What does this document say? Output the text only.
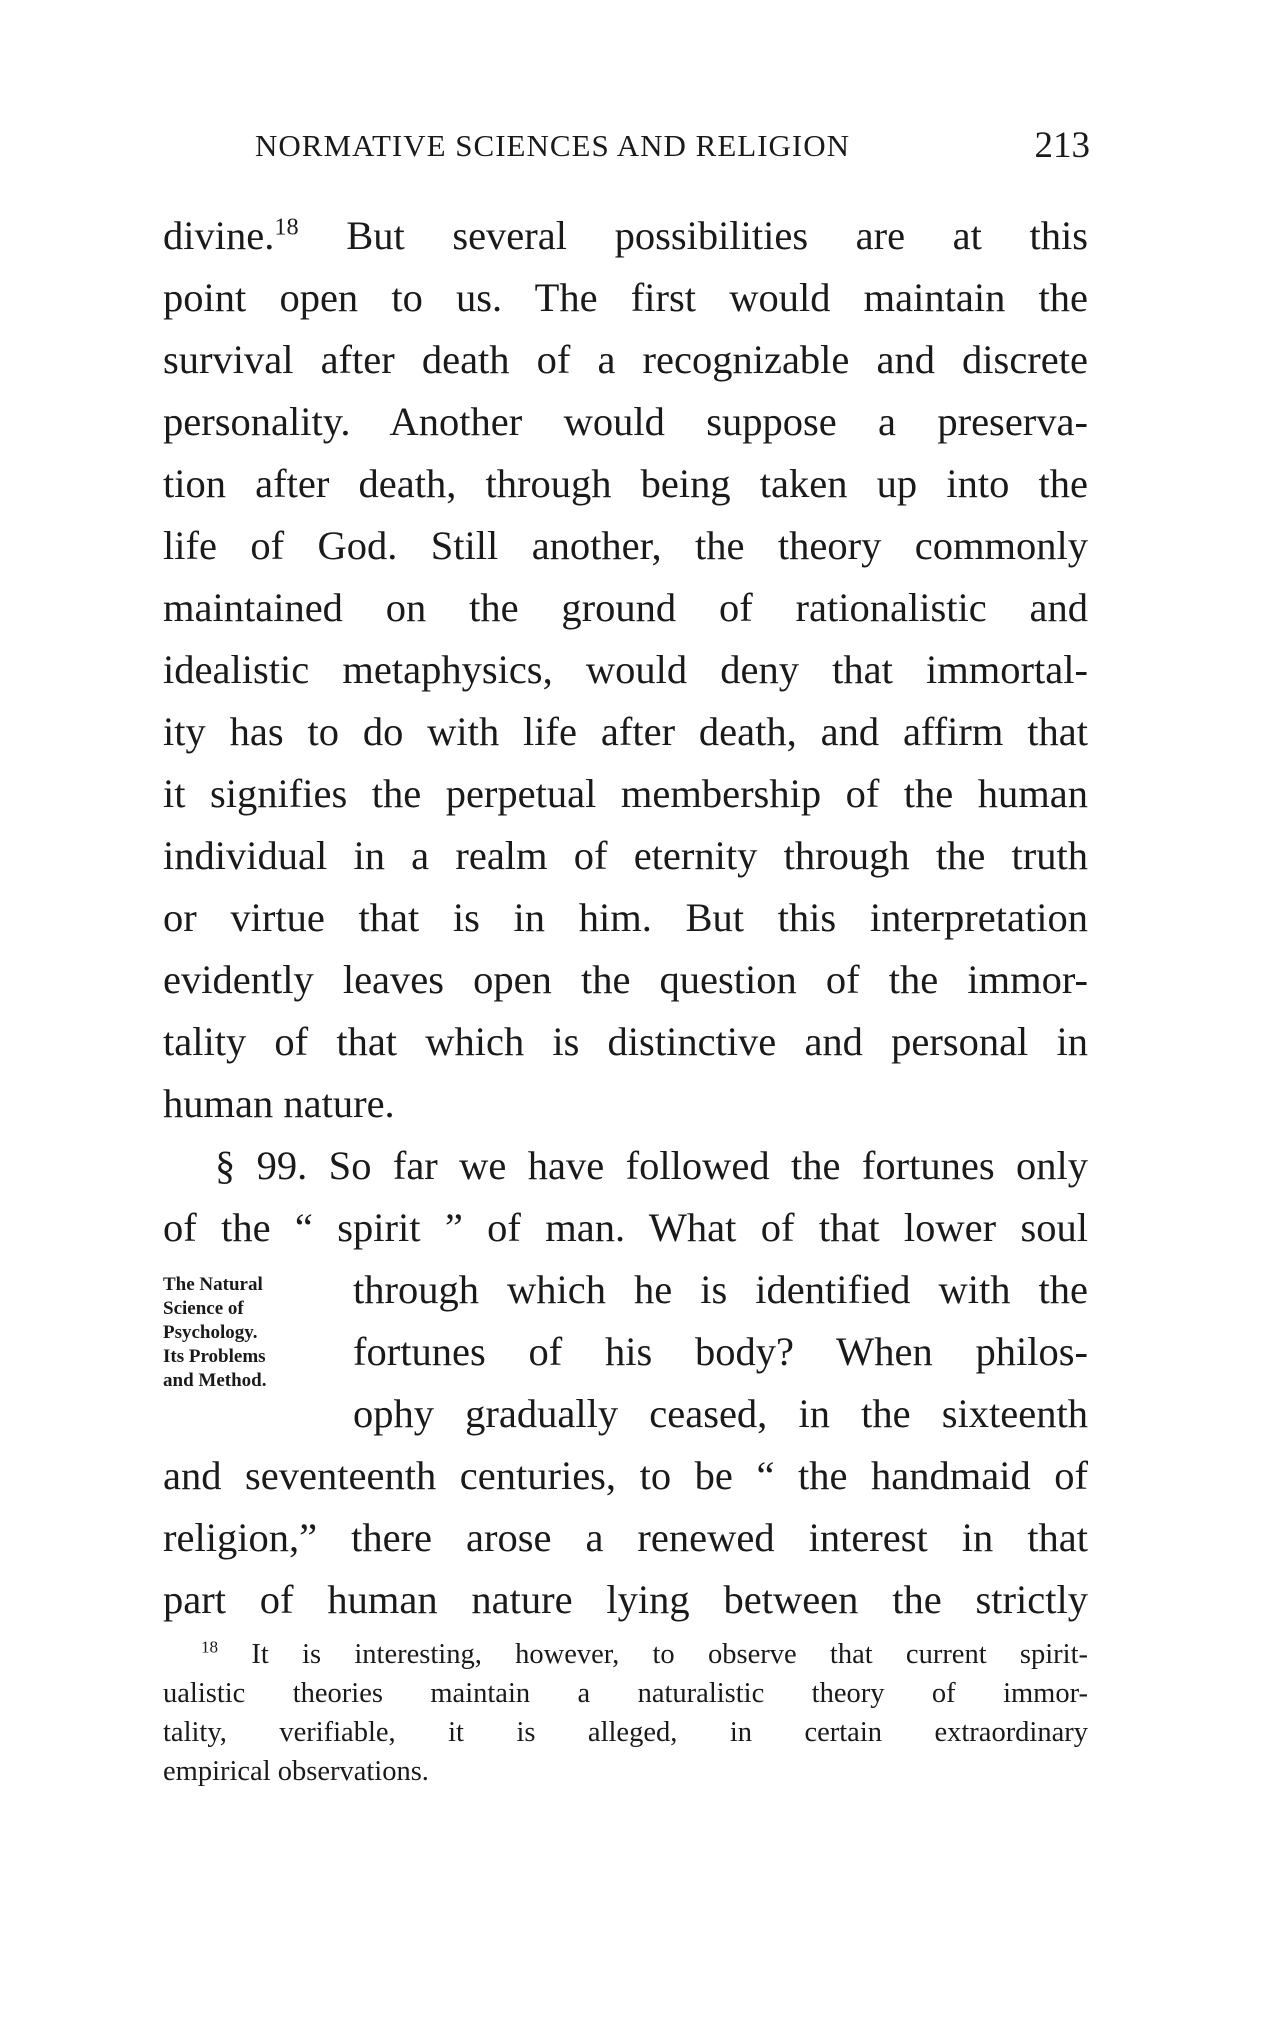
NORMATIVE SCIENCES AND RELIGION	213
divine.$^{18}$ But several possibilities are at this
point open to us. The first would maintain the
survival after death of a recognizable and discrete
personality. Another would suppose a preserva-
tion after death, through being taken up into the
life of God. Still another, the theory commonly
maintained on the ground of rationalistic and
idealistic metaphysics, would deny that immortal-
ity has to do with life after death, and affirm that
it signifies the perpetual membership of the human
individual in a realm of eternity through the truth
or virtue that is in him. But this interpretation
evidently leaves open the question of the immor-
tality of that which is distinctive and personal in
human nature.
§ 99. So far we have followed the fortunes only
of the “ spirit ” of man. What of that lower soul
The Natural
Science of
Psychology.
Its Problems
and Method.
through which he is identified with the
fortunes of his body? When philos-
ophy gradually ceased, in the sixteenth
and seventeenth centuries, to be “ the handmaid of
religion,” there arose a renewed interest in that
part of human nature lying between the strictly
$^{18}$ It is interesting, however, to observe that current spirit-
ualistic theories maintain a naturalistic theory of immor-
tality, verifiable, it is alleged, in certain extraordinary
empirical observations.
